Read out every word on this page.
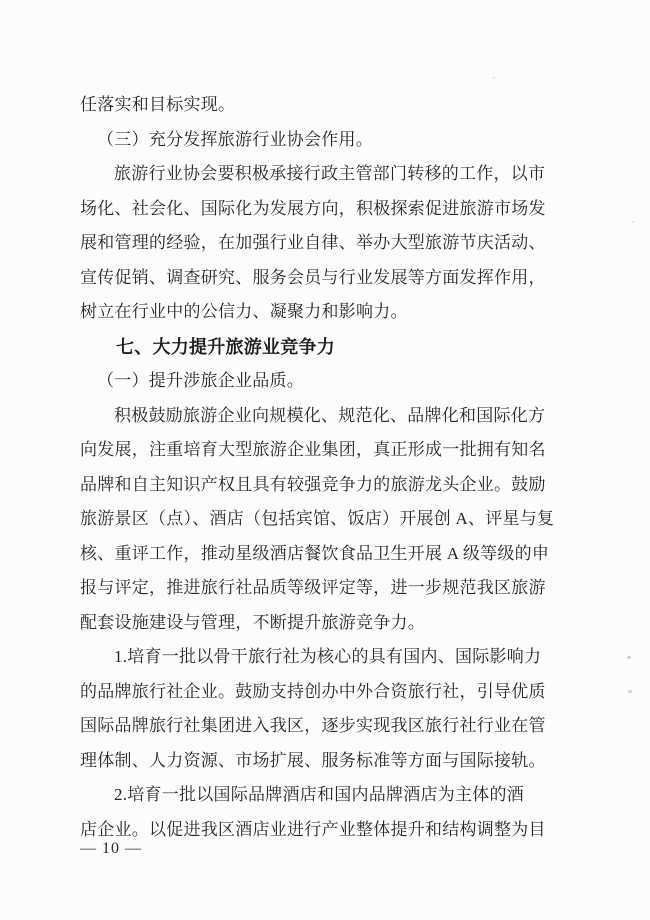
任落实和目标实现。
（三）充分发挥旅游行业协会作用。
旅游行业协会要积极承接行政主管部门转移的工作，以市
场化、社会化、国际化为发展方向，积极探索促进旅游市场发
展和管理的经验，在加强行业自律、举办大型旅游节庆活动、
宣传促销、调查研究、服务会员与行业发展等方面发挥作用，
树立在行业中的公信力、凝聚力和影响力。
七、大力提升旅游业竞争力
（一）提升涉旅企业品质。
积极鼓励旅游企业向规模化、规范化、品牌化和国际化方
向发展，注重培育大型旅游企业集团，真正形成一批拥有知名
品牌和自主知识产权且具有较强竞争力的旅游龙头企业。鼓励
旅游景区（点）、酒店（包括宾馆、饭店）开展创 A、评星与复
核、重评工作，推动星级酒店餐饮食品卫生开展 A 级等级的申
报与评定，推进旅行社品质等级评定等，进一步规范我区旅游
配套设施建设与管理，不断提升旅游竞争力。
1.培育一批以骨干旅行社为核心的具有国内、国际影响力
的品牌旅行社企业。鼓励支持创办中外合资旅行社，引导优质
国际品牌旅行社集团进入我区，逐步实现我区旅行社行业在管
理体制、人力资源、市场扩展、服务标准等方面与国际接轨。
2.培育一批以国际品牌酒店和国内品牌酒店为主体的酒
店企业。以促进我区酒店业进行产业整体提升和结构调整为目
— 10 —
